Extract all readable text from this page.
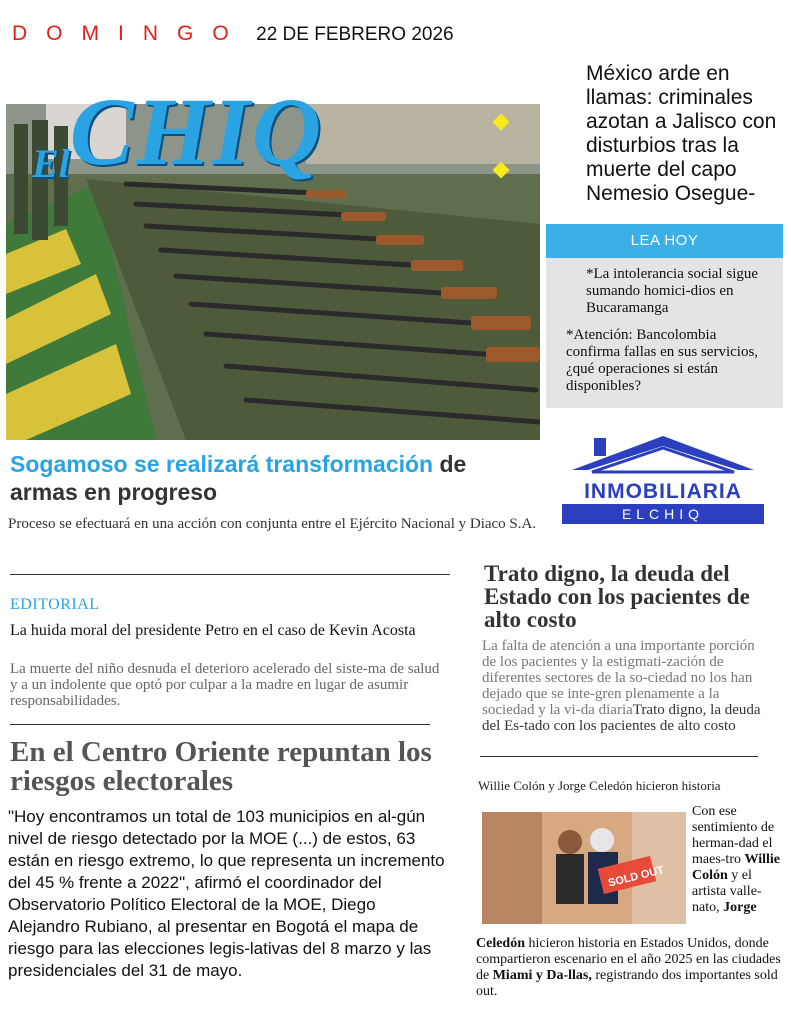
DOMINGO 22 DE FEBRERO 2026
ElCHIQ
México arde en llamas: criminales azotan a Jalisco con disturbios tras la muerte del capo Nemesio Osegue-
LEA HOY
*La intolerancia social sigue sumando homici-dios en Bucaramanga
*Atención: Bancolombia confirma fallas en sus servicios, ¿qué operaciones si están disponibles?
INMOBILIARIA
ELCHIQ
Sogamoso se realizará transformación de armas en progreso
Proceso se efectuará en una acción con conjunta entre el Ejército Nacional y Diaco S.A.
EDITORIAL
La huida moral del presidente Petro en el caso de Kevin Acosta
La muerte del niño desnuda el deterioro acelerado del siste-ma de salud y a un indolente que optó por culpar a la madre en lugar de asumir responsabilidades.
En el Centro Oriente repuntan los riesgos electorales
"Hoy encontramos un total de 103 municipios en al-gún nivel de riesgo detectado por la MOE (...) de estos, 63 están en riesgo extremo, lo que representa un incremento del 45 % frente a 2022", afirmó el coordinador del Observatorio Político Electoral de la MOE, Diego Alejandro Rubiano, al presentar en Bogotá el mapa de riesgo para las elecciones legis-lativas del 8 marzo y las presidenciales del 31 de mayo.
Trato digno, la deuda del Estado con los pacientes de alto costo
La falta de atención a una importante porción de los pacientes y la estigmati-zación de diferentes sectores de la so-ciedad no los han dejado que se inte-gren plenamente a la sociedad y la vi-da diariaTrato digno, la deuda del Es-tado con los pacientes de alto costo
Willie Colón y Jorge Celedón hicieron historia
SOLD OUT
Con ese sentimiento de herman-dad el maes-tro Willie Colón y el artista valle-nato, Jorge
Celedón hicieron historia en Estados Unidos, donde compartieron escenario en el año 2025 en las ciudades de Miami y Da-llas, registrando dos importantes sold out.
